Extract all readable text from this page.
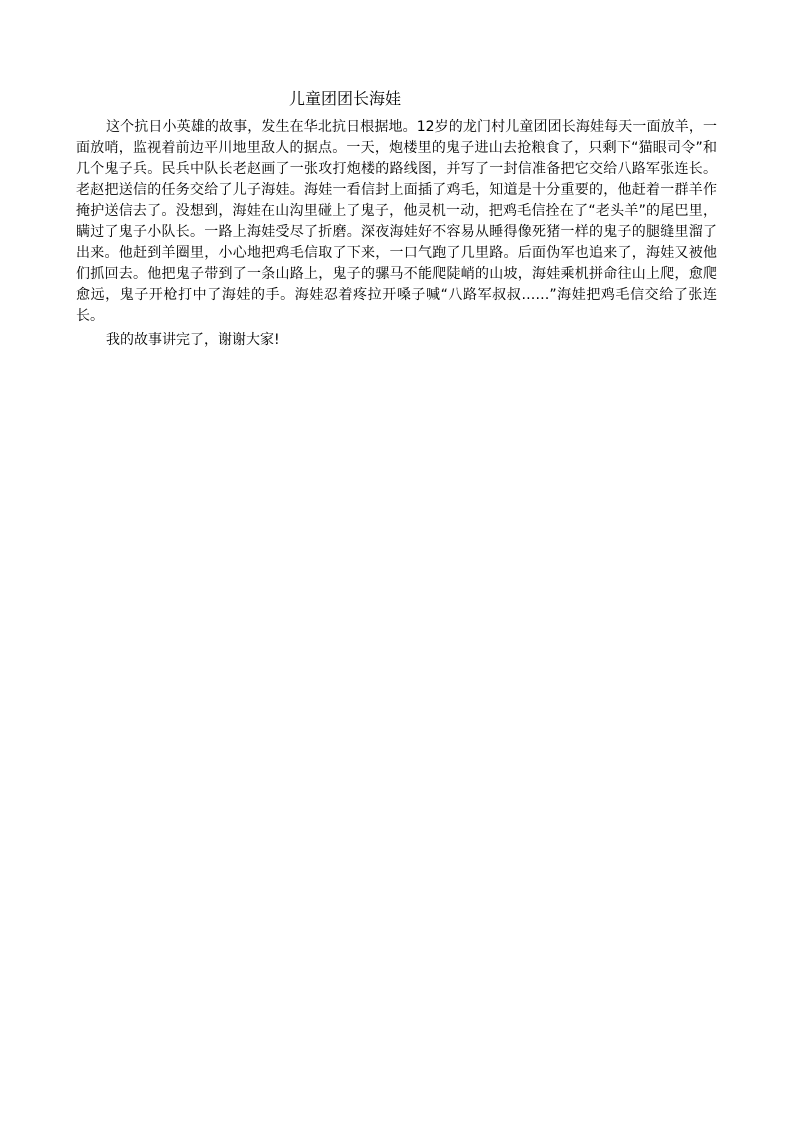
儿童团团长海娃

这个抗日小英雄的故事，发生在华北抗日根据地。12岁的龙门村儿童团团长海娃每天一面放羊，一面放哨，监视着前边平川地里敌人的据点。一天，炮楼里的鬼子进山去抢粮食了，只剩下“猫眼司令”和几个鬼子兵。民兵中队长老赵画了一张攻打炮楼的路线图，并写了一封信准备把它交给八路军张连长。老赵把送信的任务交给了儿子海娃。海娃一看信封上面插了鸡毛，知道是十分重要的，他赶着一群羊作掩护送信去了。没想到，海娃在山沟里碰上了鬼子，他灵机一动，把鸡毛信拴在了“老头羊”的尾巴里，瞒过了鬼子小队长。一路上海娃受尽了折磨。深夜海娃好不容易从睡得像死猪一样的鬼子的腿缝里溜了出来。他赶到羊圈里，小心地把鸡毛信取了下来，一口气跑了几里路。后面伪军也追来了，海娃又被他们抓回去。他把鬼子带到了一条山路上，鬼子的骡马不能爬陡峭的山坡，海娃乘机拼命往山上爬，愈爬愈远，鬼子开枪打中了海娃的手。海娃忍着疼拉开嗓子喊“八路军叔叔……”海娃把鸡毛信交给了张连长。

我的故事讲完了，谢谢大家!
